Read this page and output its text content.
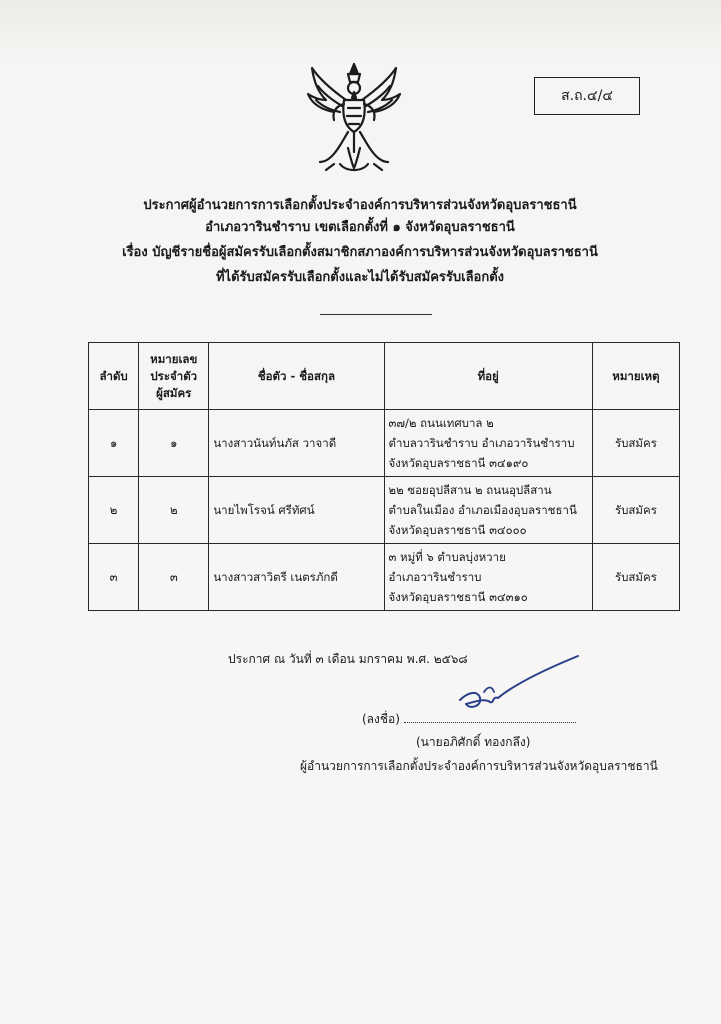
ส.ถ.๔/๔
ประกาศผู้อำนวยการการเลือกตั้งประจำองค์การบริหารส่วนจังหวัดอุบลราชธานี
อำเภอวารินชำราบ เขตเลือกตั้งที่ ๑ จังหวัดอุบลราชธานี
เรื่อง บัญชีรายชื่อผู้สมัครรับเลือกตั้งสมาชิกสภาองค์การบริหารส่วนจังหวัดอุบลราชธานี
ที่ได้รับสมัครรับเลือกตั้งและไม่ได้รับสมัครรับเลือกตั้ง
ลำดับ	หมายเลข
ประจำตัว
ผู้สมัคร	ชื่อตัว - ชื่อสกุล	ที่อยู่	หมายเหตุ
๑	๑	นางสาวนันท์นภัส วาจาดี	๓๗/๒ ถนนเทศบาล ๒
ตำบลวารินชำราบ อำเภอวารินชำราบ
จังหวัดอุบลราชธานี ๓๔๑๙๐	รับสมัคร
๒	๒	นายไพโรจน์ ศรีทัศน์	๒๒ ซอยอุปลีสาน ๒ ถนนอุปลีสาน
ตำบลในเมือง อำเภอเมืองอุบลราชธานี
จังหวัดอุบลราชธานี ๓๔๐๐๐	รับสมัคร
๓	๓	นางสาวสาวิตรี เนตรภักดี	๓ หมู่ที่ ๖ ตำบลบุ่งหวาย
อำเภอวารินชำราบ
จังหวัดอุบลราชธานี ๓๔๓๑๐	รับสมัคร
ประกาศ ณ วันที่ ๓ เดือน มกราคม พ.ศ. ๒๕๖๘
(ลงชื่อ)
(นายอภิศักดิ์ ทองกลึง)
ผู้อำนวยการการเลือกตั้งประจำองค์การบริหารส่วนจังหวัดอุบลราชธานี
